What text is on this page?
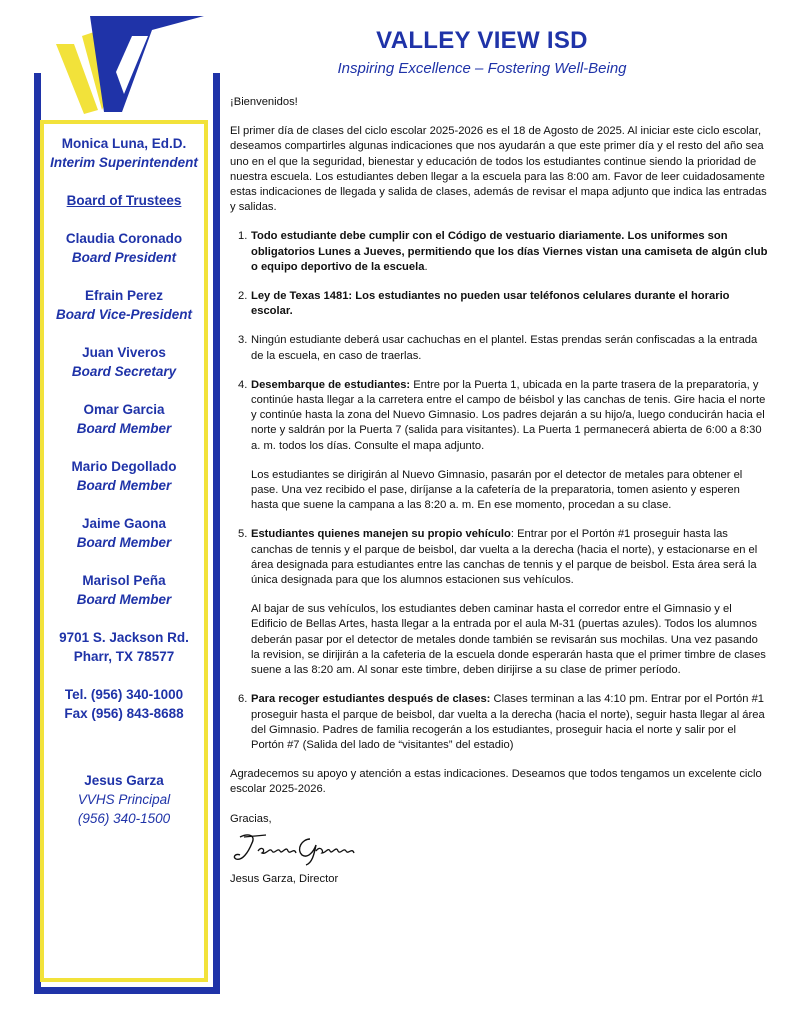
VALLEY VIEW ISD
Inspiring Excellence – Fostering Well-Being
Monica Luna, Ed.D.
Interim Superintendent
Board of Trustees
Claudia Coronado
Board President
Efrain Perez
Board Vice-President
Juan Viveros
Board Secretary
Omar Garcia
Board Member
Mario Degollado
Board Member
Jaime Gaona
Board Member
Marisol Peña
Board Member
9701 S. Jackson Rd.
Pharr, TX 78577
Tel. (956) 340-1000
Fax (956) 843-8688
Jesus Garza
VVHS Principal
(956) 340-1500

¡Bienvenidos!

El primer día de clases del ciclo escolar 2025-2026 es el 18 de Agosto de 2025. Al iniciar este ciclo escolar, deseamos compartirles algunas indicaciones que nos ayudarán a que este primer día y el resto del año sea uno en el que la seguridad, bienestar y educación de todos los estudiantes continue siendo la prioridad de nuestra escuela. Los estudiantes deben llegar a la escuela para las 8:00 am. Favor de leer cuidadosamente estas indicaciones de llegada y salida de clases, además de revisar el mapa adjunto que indica las entradas y salidas.

1. Todo estudiante debe cumplir con el Código de vestuario diariamente. Los uniformes son obligatorios Lunes a Jueves, permitiendo que los días Viernes vistan una camiseta de algún club o equipo deportivo de la escuela.

2. Ley de Texas 1481: Los estudiantes no pueden usar teléfonos celulares durante el horario escolar.

3. Ningún estudiante deberá usar cachuchas en el plantel. Estas prendas serán confiscadas a la entrada de la escuela, en caso de traerlas.

4. Desembarque de estudiantes: Entre por la Puerta 1, ubicada en la parte trasera de la preparatoria, y continúe hasta llegar a la carretera entre el campo de béisbol y las canchas de tenis. Gire hacia el norte y continúe hasta la zona del Nuevo Gimnasio. Los padres dejarán a su hijo/a, luego conducirán hacia el norte y saldrán por la Puerta 7 (salida para visitantes). La Puerta 1 permanecerá abierta de 6:00 a 8:30 a. m. todos los días. Consulte el mapa adjunto.

Los estudiantes se dirigirán al Nuevo Gimnasio, pasarán por el detector de metales para obtener el pase. Una vez recibido el pase, diríjanse a la cafetería de la preparatoria, tomen asiento y esperen hasta que suene la campana a las 8:20 a. m. En ese momento, procedan a su clase.

5. Estudiantes quienes manejen su propio vehículo: Entrar por el Portón #1 proseguir hasta las canchas de tennis y el parque de beisbol, dar vuelta a la derecha (hacia el norte), y estacionarse en el área designada para estudiantes entre las canchas de tennis y el parque de beisbol. Esta área será la única designada para que los alumnos estacionen sus vehículos.

Al bajar de sus vehículos, los estudiantes deben caminar hasta el corredor entre el Gimnasio y el Edificio de Bellas Artes, hasta llegar a la entrada por el aula M-31 (puertas azules). Todos los alumnos deberán pasar por el detector de metales donde también se revisarán sus mochilas. Una vez pasando la revision, se dirijirán a la cafeteria de la escuela donde esperarán hasta que el primer timbre de clases suene a las 8:20 am. Al sonar este timbre, deben dirijirse a su clase de primer período.

6. Para recoger estudiantes después de clases: Clases terminan a las 4:10 pm. Entrar por el Portón #1 proseguir hasta el parque de beisbol, dar vuelta a la derecha (hacia el norte), seguir hasta llegar al área del Gimnasio. Padres de familia recogerán a los estudiantes, proseguir hacia el norte y salir por el Portón #7 (Salida del lado de “visitantes” del estadio)

Agradecemos su apoyo y atención a estas indicaciones. Deseamos que todos tengamos un excelente ciclo escolar 2025-2026.

Gracias,

Jesus Garza, Director
